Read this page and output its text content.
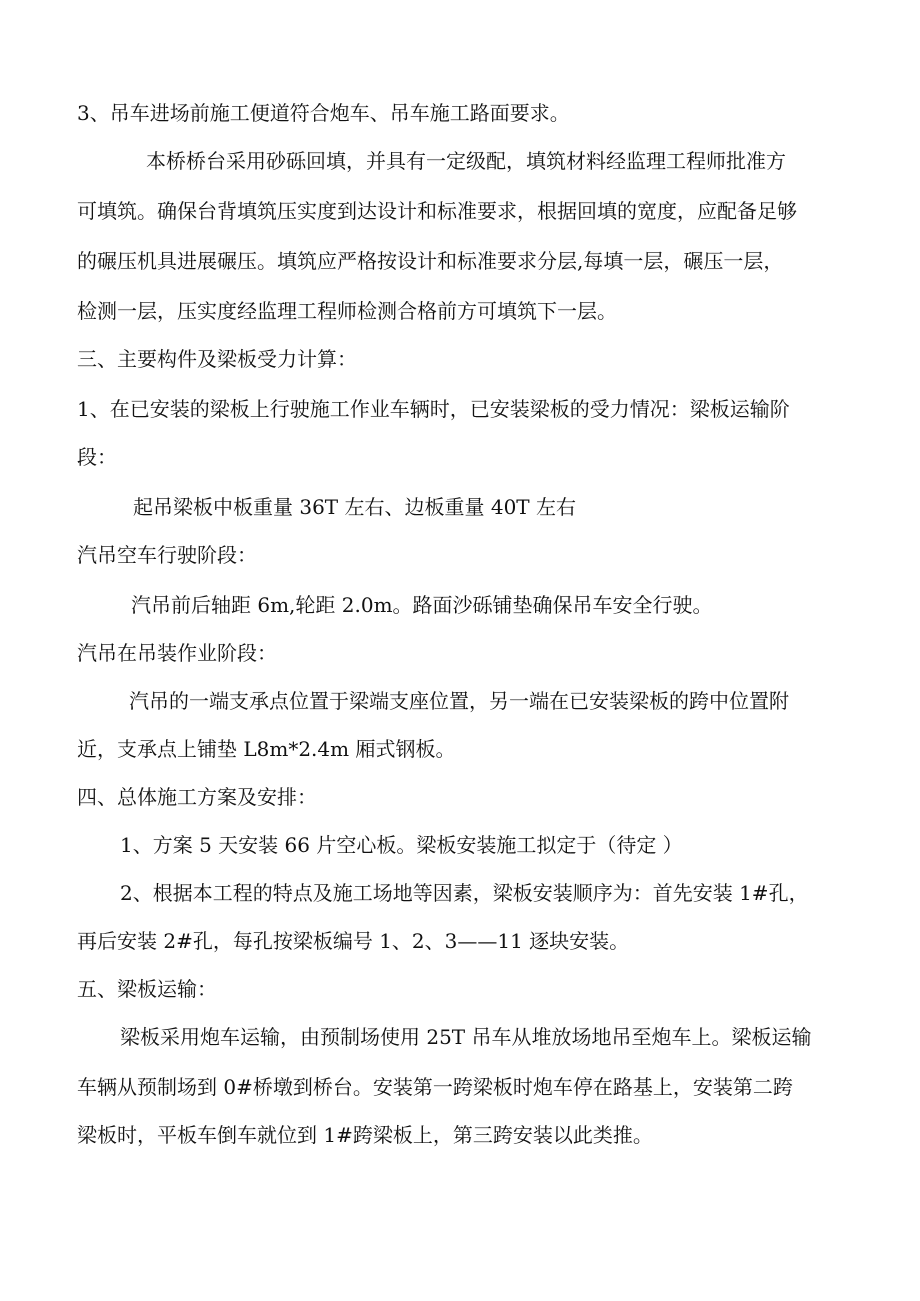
3、吊车进场前施工便道符合炮车、吊车施工路面要求。
本桥桥台采用砂砾回填，并具有一定级配，填筑材料经监理工程师批准方
可填筑。确保台背填筑压实度到达设计和标准要求，根据回填的宽度，应配备足够
的碾压机具进展碾压。填筑应严格按设计和标准要求分层,每填一层，碾压一层，
检测一层，压实度经监理工程师检测合格前方可填筑下一层。
三、主要构件及梁板受力计算：
1、在已安装的梁板上行驶施工作业车辆时，已安装梁板的受力情况：梁板运输阶
段：
起吊梁板中板重量 36T 左右、边板重量 40T 左右
汽吊空车行驶阶段：
汽吊前后轴距 6m,轮距 2.0m。路面沙砾铺垫确保吊车安全行驶。
汽吊在吊装作业阶段：
汽吊的一端支承点位置于梁端支座位置，另一端在已安装梁板的跨中位置附
近，支承点上铺垫 L8m*2.4m 厢式钢板。
四、总体施工方案及安排：
1、方案 5 天安装 66 片空心板。梁板安装施工拟定于（待定 ）
2、根据本工程的特点及施工场地等因素，梁板安装顺序为：首先安装 1#孔，
再后安装 2#孔，每孔按梁板编号 1、2、3——11 逐块安装。
五、梁板运输：
梁板采用炮车运输，由预制场使用 25T 吊车从堆放场地吊至炮车上。梁板运输
车辆从预制场到 0#桥墩到桥台。安装第一跨梁板时炮车停在路基上，安装第二跨
梁板时，平板车倒车就位到 1#跨梁板上，第三跨安装以此类推。
